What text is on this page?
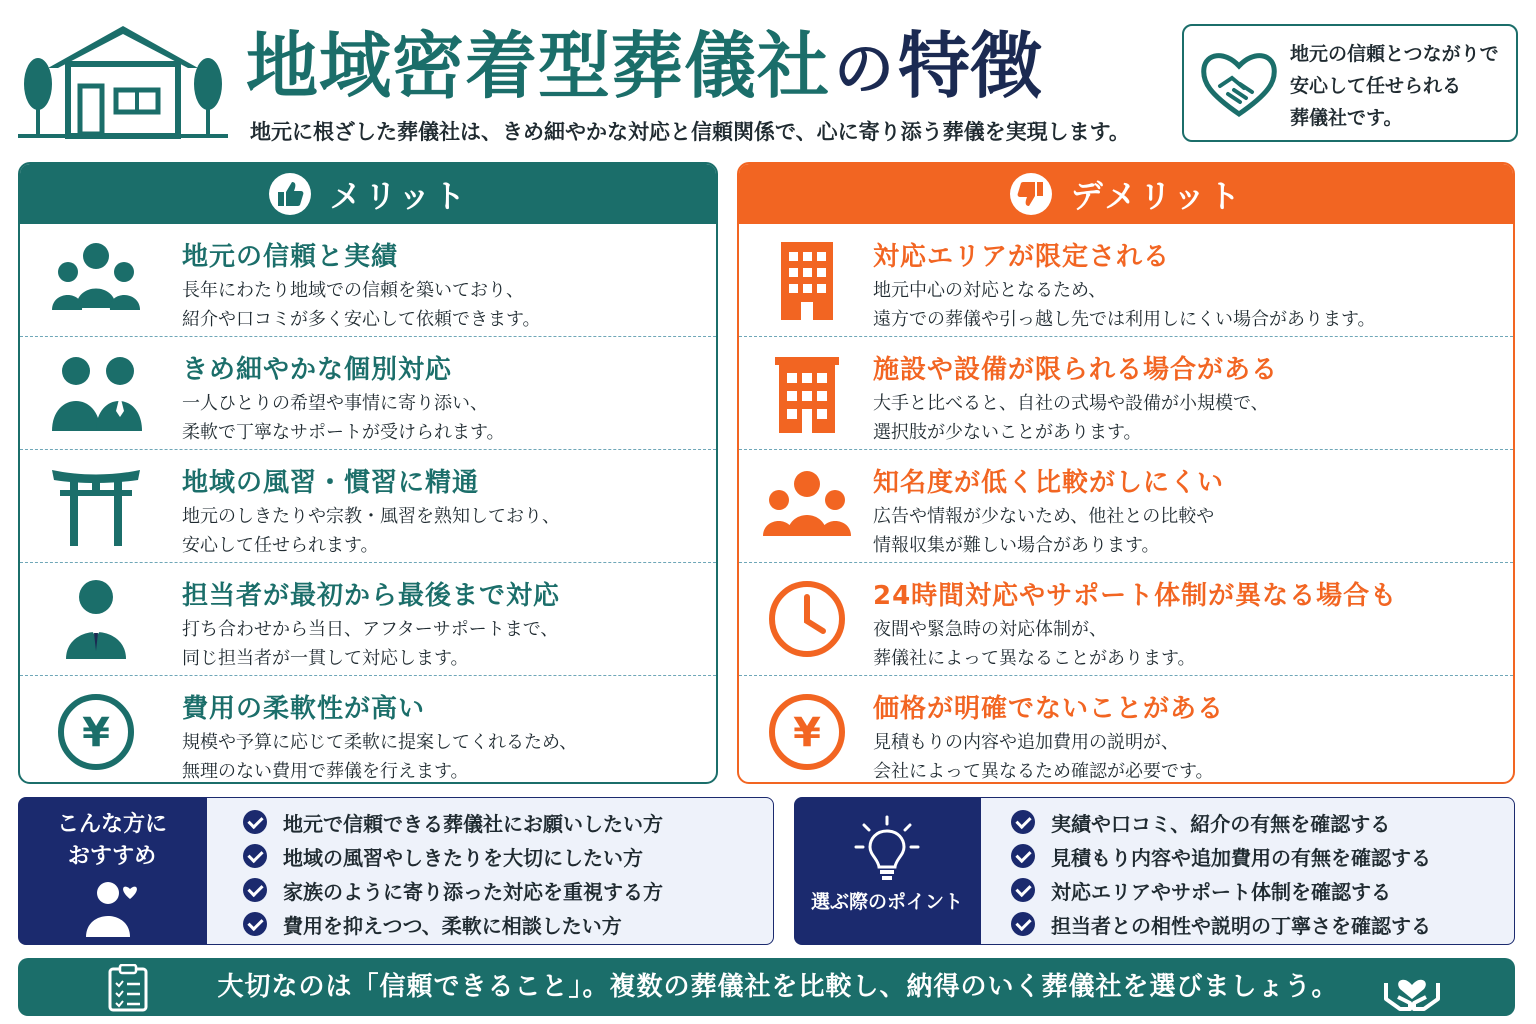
地域密着型葬儀社 の 特徴
地元に根ざした葬儀社は、きめ細やかな対応と信頼関係で、心に寄り添う葬儀を実現します。
地元の信頼とつながりで
安心して任せられる
葬儀社です。
メリット
地元の信頼と実績
長年にわたり地域での信頼を築いており、
紹介や口コミが多く安心して依頼できます。
きめ細やかな個別対応
一人ひとりの希望や事情に寄り添い、
柔軟で丁寧なサポートが受けられます。
地域の風習・慣習に精通
地元のしきたりや宗教・風習を熟知しており、
安心して任せられます。
担当者が最初から最後まで対応
打ち合わせから当日、アフターサポートまで、
同じ担当者が一貫して対応します。
¥
費用の柔軟性が高い
規模や予算に応じて柔軟に提案してくれるため、
無理のない費用で葬儀を行えます。
デメリット
対応エリアが限定される
地元中心の対応となるため、
遠方での葬儀や引っ越し先では利用しにくい場合があります。
施設や設備が限られる場合がある
大手と比べると、自社の式場や設備が小規模で、
選択肢が少ないことがあります。
知名度が低く比較がしにくい
広告や情報が少ないため、他社との比較や
情報収集が難しい場合があります。
24時間対応やサポート体制が異なる場合も
夜間や緊急時の対応体制が、
葬儀社によって異なることがあります。
¥
価格が明確でないことがある
見積もりの内容や追加費用の説明が、
会社によって異なるため確認が必要です。
こんな方に
おすすめ
地元で信頼できる葬儀社にお願いしたい方
地域の風習やしきたりを大切にしたい方
家族のように寄り添った対応を重視する方
費用を抑えつつ、柔軟に相談したい方
選ぶ際のポイント
実績や口コミ、紹介の有無を確認する
見積もり内容や追加費用の有無を確認する
対応エリアやサポート体制を確認する
担当者との相性や説明の丁寧さを確認する
大切なのは「信頼できること」。複数の葬儀社を比較し、納得のいく葬儀社を選びましょう。
